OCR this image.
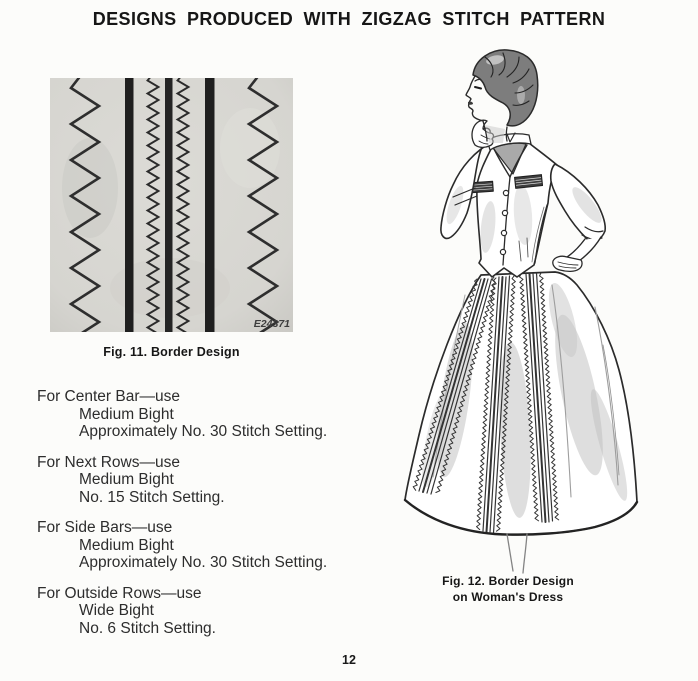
DESIGNS PRODUCED WITH ZIGZAG STITCH PATTERN
E24371
Fig. 11. Border Design
For Center Bar—use
Medium Bight
Approximately No. 30 Stitch Setting.
For Next Rows—use
Medium Bight
No. 15 Stitch Setting.
For Side Bars—use
Medium Bight
Approximately No. 30 Stitch Setting.
For Outside Rows—use
Wide Bight
No. 6 Stitch Setting.
Fig. 12. Border Design
on Woman's Dress
12
